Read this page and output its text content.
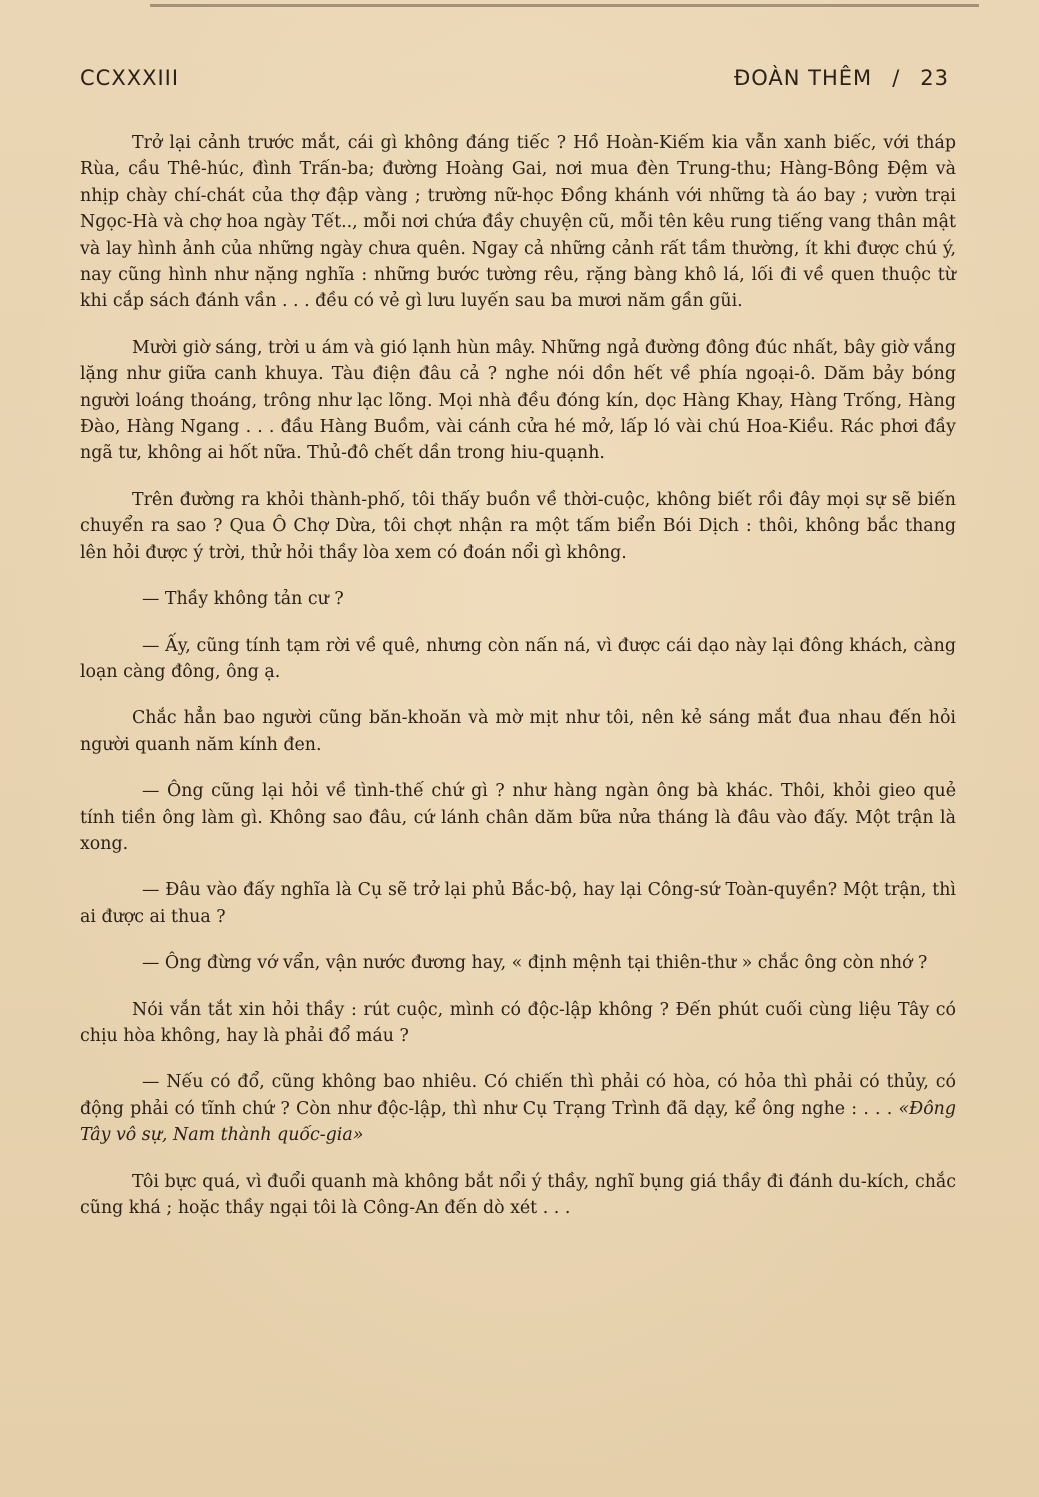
CCXXXIII	ĐOÀN THÊM / 23

Trở lại cảnh trước mắt, cái gì không đáng tiếc ? Hồ Hoàn-Kiếm kia vẫn xanh biếc, với tháp Rùa, cầu Thê-húc, đình Trấn-ba; đường Hoàng Gai, nơi mua đèn Trung-thu; Hàng-Bông Đệm và nhịp chày chí-chát của thợ đập vàng ; trường nữ-học Đồng khánh với những tà áo bay ; vườn trại Ngọc-Hà và chợ hoa ngày Tết.., mỗi nơi chứa đầy chuyện cũ, mỗi tên kêu rung tiếng vang thân mật và lay hình ảnh của những ngày chưa quên. Ngay cả những cảnh rất tầm thường, ít khi được chú ý, nay cũng hình như nặng nghĩa : những bước tường rêu, rặng bàng khô lá, lối đi về quen thuộc từ khi cắp sách đánh vần . . . đều có vẻ gì lưu luyến sau ba mươi năm gần gũi.

Mười giờ sáng, trời u ám và gió lạnh hùn mây. Những ngả đường đông đúc nhất, bây giờ vắng lặng như giữa canh khuya. Tàu điện đâu cả ? nghe nói dồn hết về phía ngoại-ô. Dăm bảy bóng người loáng thoáng, trông như lạc lõng. Mọi nhà đều đóng kín, dọc Hàng Khay, Hàng Trống, Hàng Đào, Hàng Ngang . . . đầu Hàng Buồm, vài cánh cửa hé mở, lấp ló vài chú Hoa-Kiều. Rác phơi đầy ngã tư, không ai hốt nữa. Thủ-đô chết dần trong hiu-quạnh.

Trên đường ra khỏi thành-phố, tôi thấy buồn về thời-cuộc, không biết rồi đây mọi sự sẽ biến chuyển ra sao ? Qua Ô Chợ Dừa, tôi chợt nhận ra một tấm biển Bói Dịch : thôi, không bắc thang lên hỏi được ý trời, thử hỏi thầy lòa xem có đoán nổi gì không.

— Thầy không tản cư ?

— Ấy, cũng tính tạm rời về quê, nhưng còn nấn ná, vì được cái dạo này lại đông khách, càng loạn càng đông, ông ạ.

Chắc hẳn bao người cũng băn-khoăn và mờ mịt như tôi, nên kẻ sáng mắt đua nhau đến hỏi người quanh năm kính đen.

— Ông cũng lại hỏi về tình-thế chứ gì ? như hàng ngàn ông bà khác. Thôi, khỏi gieo quẻ tính tiền ông làm gì. Không sao đâu, cứ lánh chân dăm bữa nửa tháng là đâu vào đấy. Một trận là xong.

— Đâu vào đấy nghĩa là Cụ sẽ trở lại phủ Bắc-bộ, hay lại Công-sứ Toàn-quyền? Một trận, thì ai được ai thua ?

— Ông đừng vớ vẩn, vận nước đương hay, « định mệnh tại thiên-thư » chắc ông còn nhớ ?

Nói vắn tắt xin hỏi thầy : rút cuộc, mình có độc-lập không ? Đến phút cuối cùng liệu Tây có chịu hòa không, hay là phải đổ máu ?

— Nếu có đổ, cũng không bao nhiêu. Có chiến thì phải có hòa, có hỏa thì phải có thủy, có động phải có tĩnh chứ ? Còn như độc-lập, thì như Cụ Trạng Trình đã dạy, kể ông nghe : . . . «Đông Tây vô sự, Nam thành quốc-gia»

Tôi bực quá, vì đuổi quanh mà không bắt nổi ý thầy, nghĩ bụng giá thầy đi đánh du-kích, chắc cũng khá ; hoặc thầy ngại tôi là Công-An đến dò xét . . .
